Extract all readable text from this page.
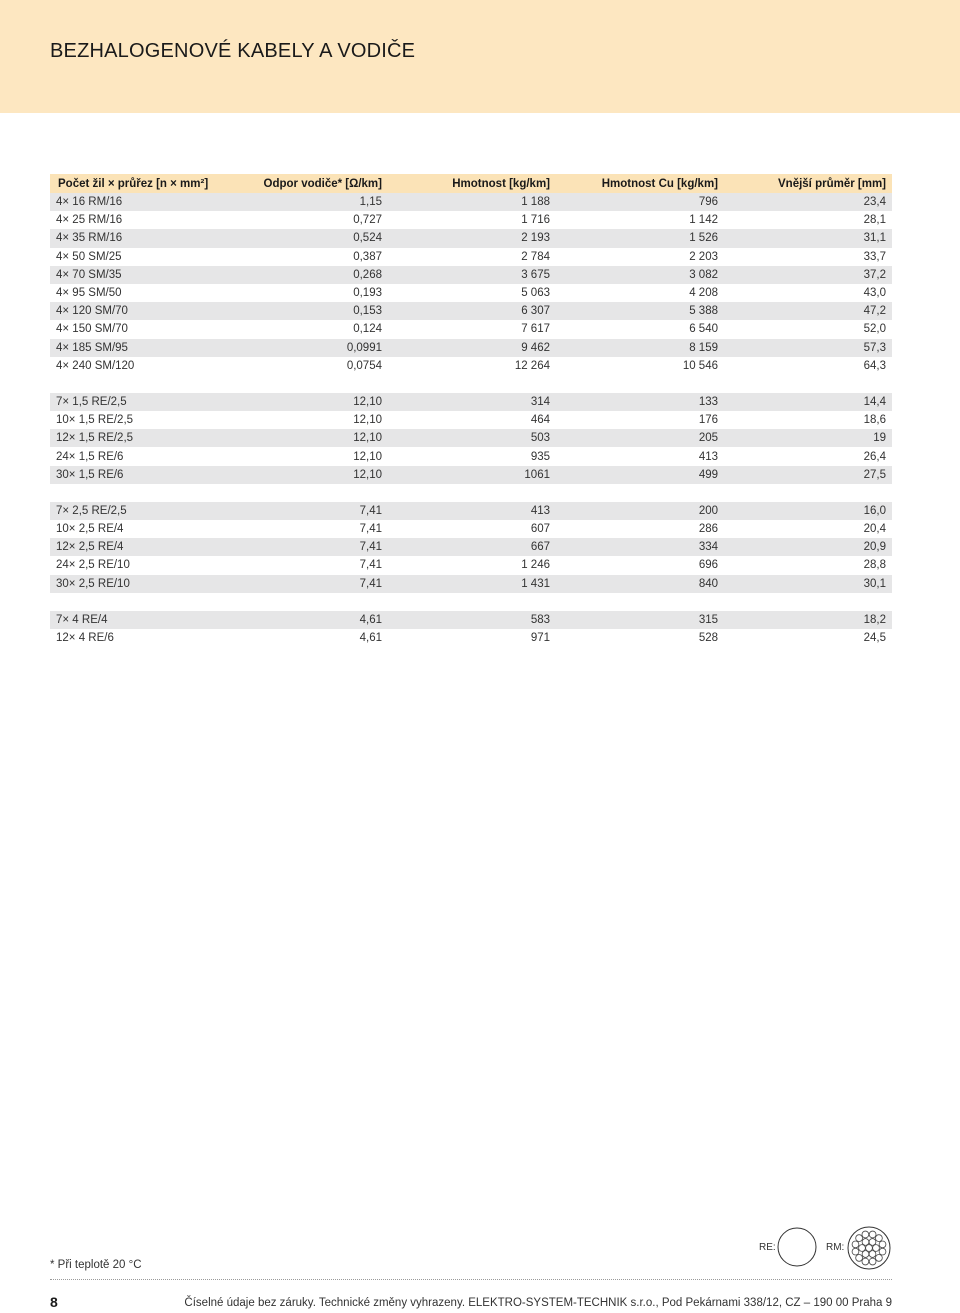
BEZHALOGENOVÉ KABELY A VODIČE
Počet žil × průřez [n × mm²]	Odpor vodiče* [Ω/km]	Hmotnost [kg/km]	Hmotnost Cu [kg/km]	Vnější průměr [mm]
4× 16 RM/16	1,15	1 188	796	23,4
4× 25 RM/16	0,727	1 716	1 142	28,1
4× 35 RM/16	0,524	2 193	1 526	31,1
4× 50 SM/25	0,387	2 784	2 203	33,7
4× 70 SM/35	0,268	3 675	3 082	37,2
4× 95 SM/50	0,193	5 063	4 208	43,0
4× 120 SM/70	0,153	6 307	5 388	47,2
4× 150 SM/70	0,124	7 617	6 540	52,0
4× 185 SM/95	0,0991	9 462	8 159	57,3
4× 240 SM/120	0,0754	12 264	10 546	64,3

7× 1,5 RE/2,5	12,10	314	133	14,4
10× 1,5 RE/2,5	12,10	464	176	18,6
12× 1,5 RE/2,5	12,10	503	205	19
24× 1,5 RE/6	12,10	935	413	26,4
30× 1,5 RE/6	12,10	1061	499	27,5

7× 2,5 RE/2,5	7,41	413	200	16,0
10× 2,5 RE/4	7,41	607	286	20,4
12× 2,5 RE/4	7,41	667	334	20,9
24× 2,5 RE/10	7,41	1 246	696	28,8
30× 2,5 RE/10	7,41	1 431	840	30,1

7× 4 RE/4	4,61	583	315	18,2
12× 4 RE/6	4,61	971	528	24,5
* Při teplotě 20 °C
RE:	RM:
8	Číselné údaje bez záruky. Technické změny vyhrazeny. ELEKTRO-SYSTEM-TECHNIK s.r.o., Pod Pekárnami 338/12, CZ – 190 00 Praha 9
